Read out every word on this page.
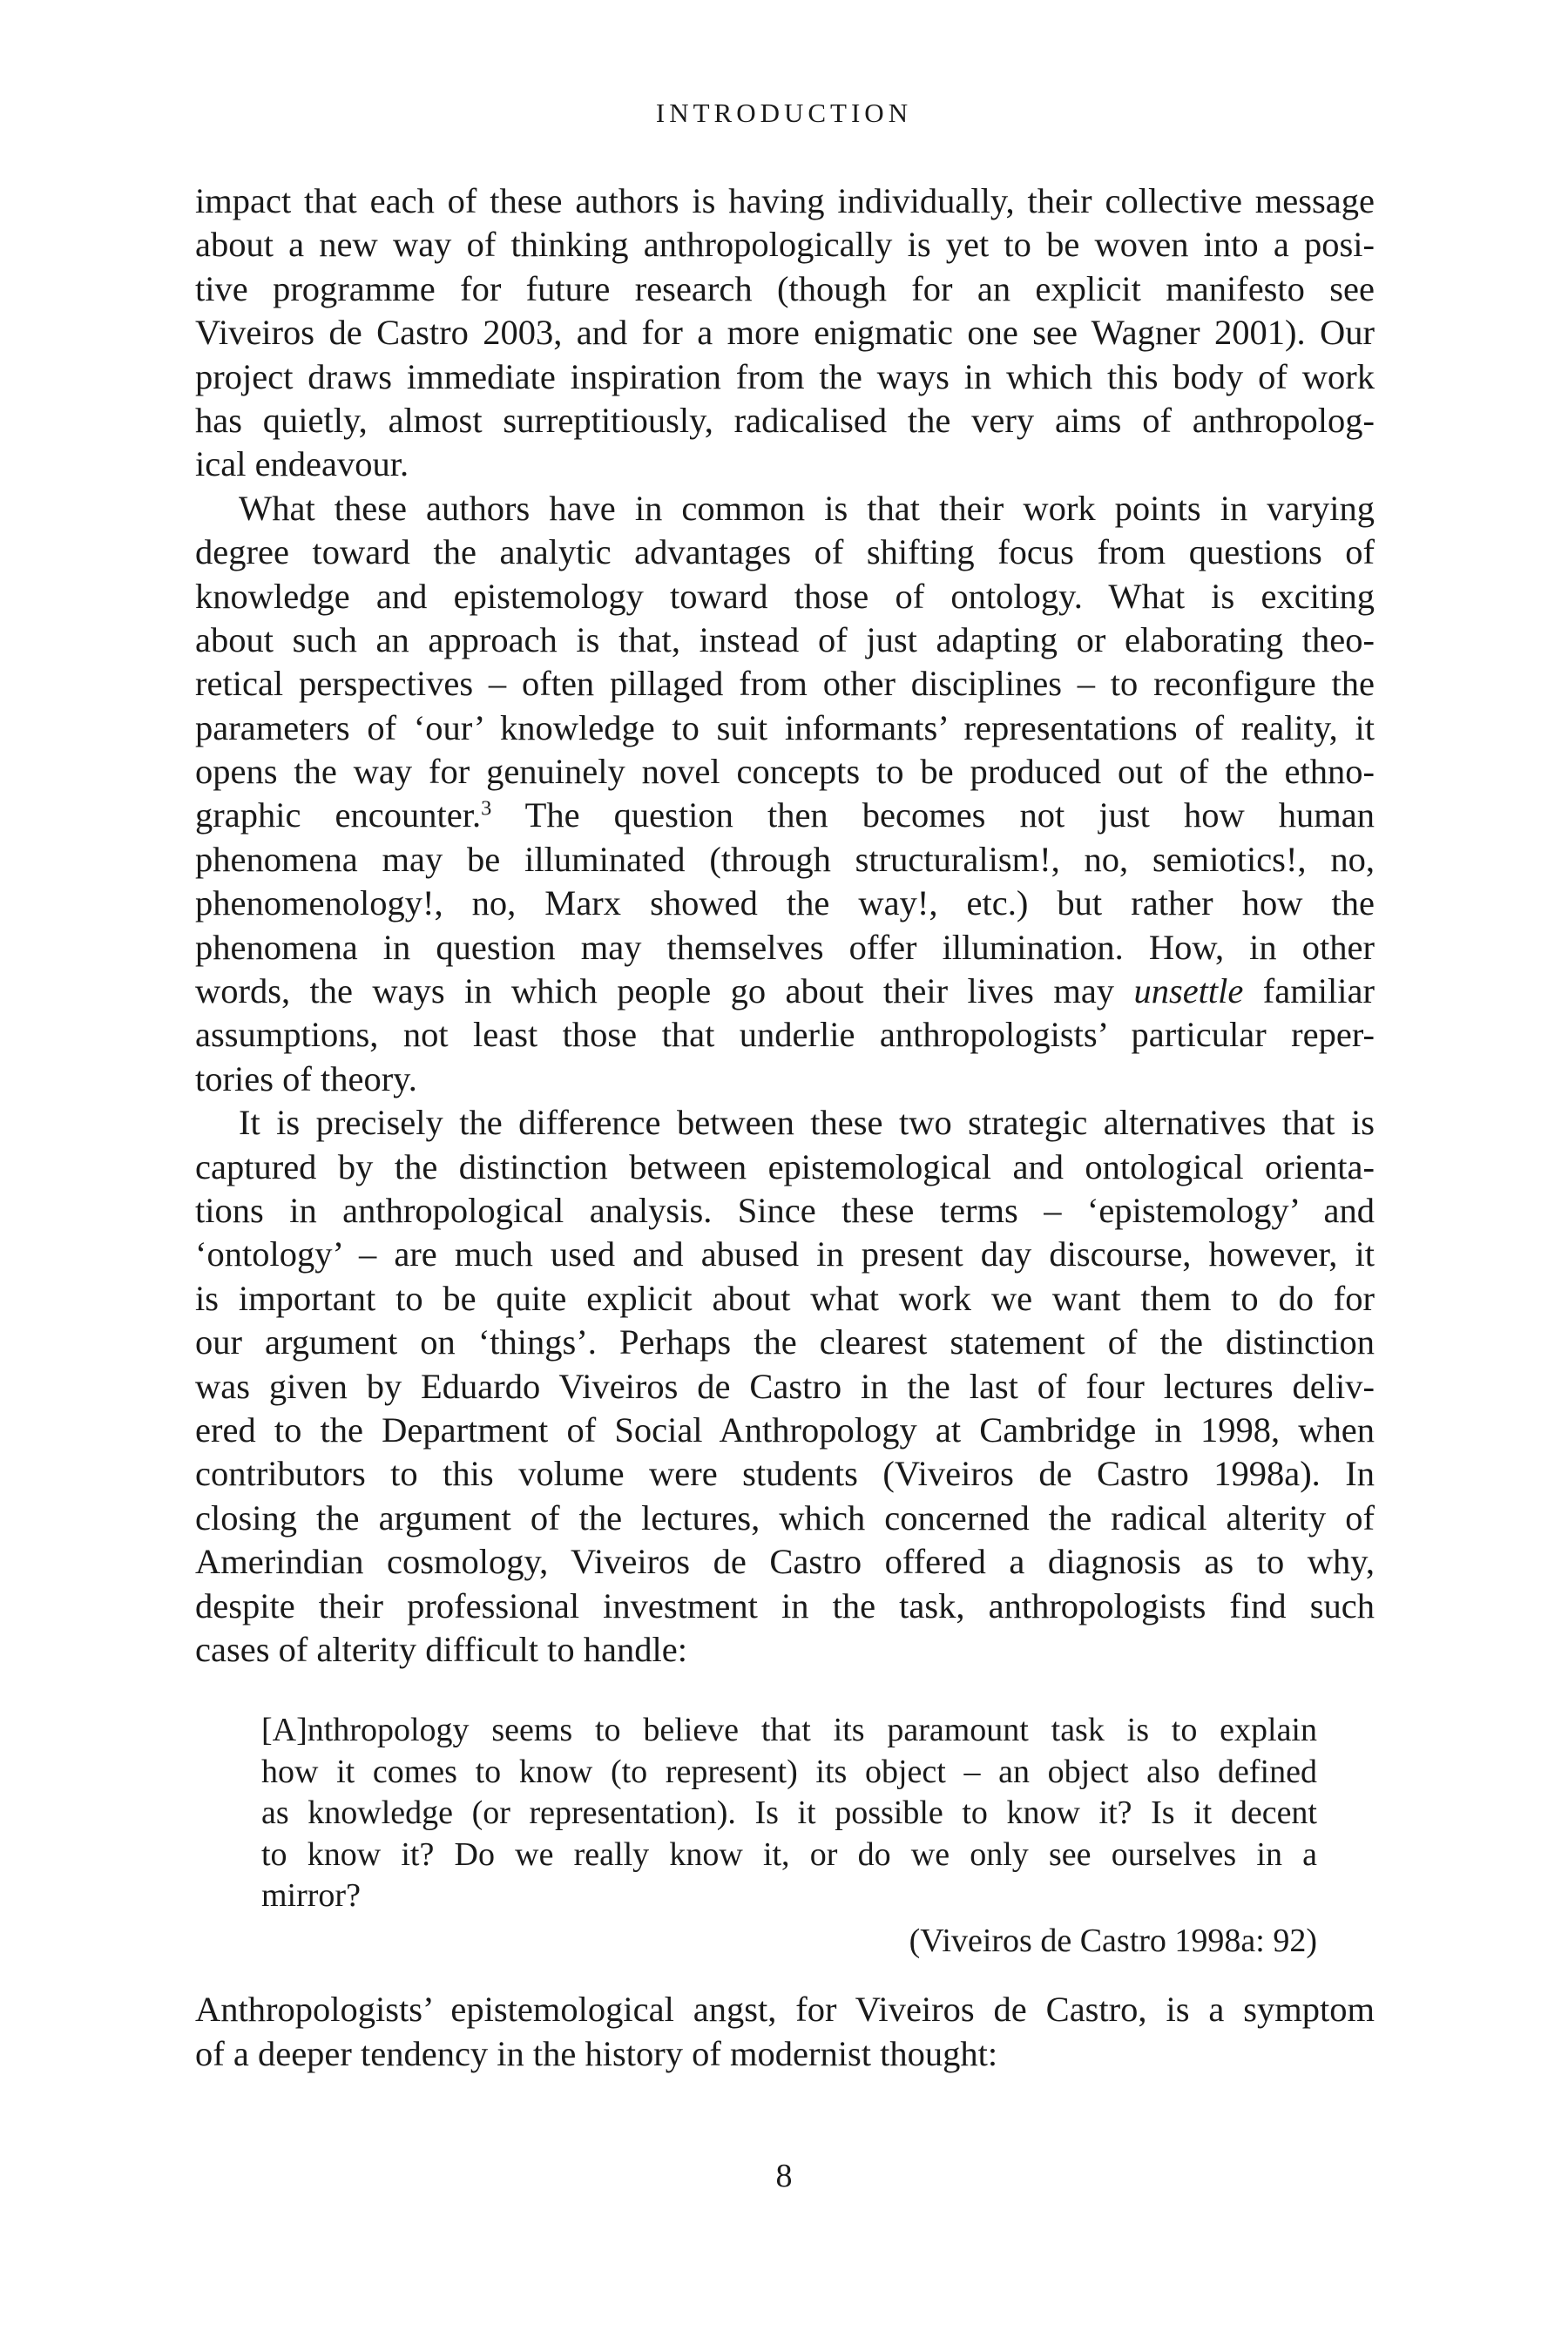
INTRODUCTION

impact that each of these authors is having individually, their collective message
about a new way of thinking anthropologically is yet to be woven into a posi-
tive programme for future research (though for an explicit manifesto see
Viveiros de Castro 2003, and for a more enigmatic one see Wagner 2001). Our
project draws immediate inspiration from the ways in which this body of work
has quietly, almost surreptitiously, radicalised the very aims of anthropolog-
ical endeavour.
What these authors have in common is that their work points in varying
degree toward the analytic advantages of shifting focus from questions of
knowledge and epistemology toward those of ontology. What is exciting
about such an approach is that, instead of just adapting or elaborating theo-
retical perspectives – often pillaged from other disciplines – to reconfigure the
parameters of ‘our’ knowledge to suit informants’ representations of reality, it
opens the way for genuinely novel concepts to be produced out of the ethno-
graphic encounter.$^3$ The question then becomes not just how human
phenomena may be illuminated (through structuralism!, no, semiotics!, no,
phenomenology!, no, Marx showed the way!, etc.) but rather how the
phenomena in question may themselves offer illumination. How, in other
words, the ways in which people go about their lives may unsettle familiar
assumptions, not least those that underlie anthropologists’ particular reper-
tories of theory.
It is precisely the difference between these two strategic alternatives that is
captured by the distinction between epistemological and ontological orienta-
tions in anthropological analysis. Since these terms – ‘epistemology’ and
‘ontology’ – are much used and abused in present day discourse, however, it
is important to be quite explicit about what work we want them to do for
our argument on ‘things’. Perhaps the clearest statement of the distinction
was given by Eduardo Viveiros de Castro in the last of four lectures deliv-
ered to the Department of Social Anthropology at Cambridge in 1998, when
contributors to this volume were students (Viveiros de Castro 1998a). In
closing the argument of the lectures, which concerned the radical alterity of
Amerindian cosmology, Viveiros de Castro offered a diagnosis as to why,
despite their professional investment in the task, anthropologists find such
cases of alterity difficult to handle:
[A]nthropology seems to believe that its paramount task is to explain
how it comes to know (to represent) its object – an object also defined
as knowledge (or representation). Is it possible to know it? Is it decent
to know it? Do we really know it, or do we only see ourselves in a
mirror?

(Viveiros de Castro 1998a: 92)

Anthropologists’ epistemological angst, for Viveiros de Castro, is a symptom
of a deeper tendency in the history of modernist thought:

8
